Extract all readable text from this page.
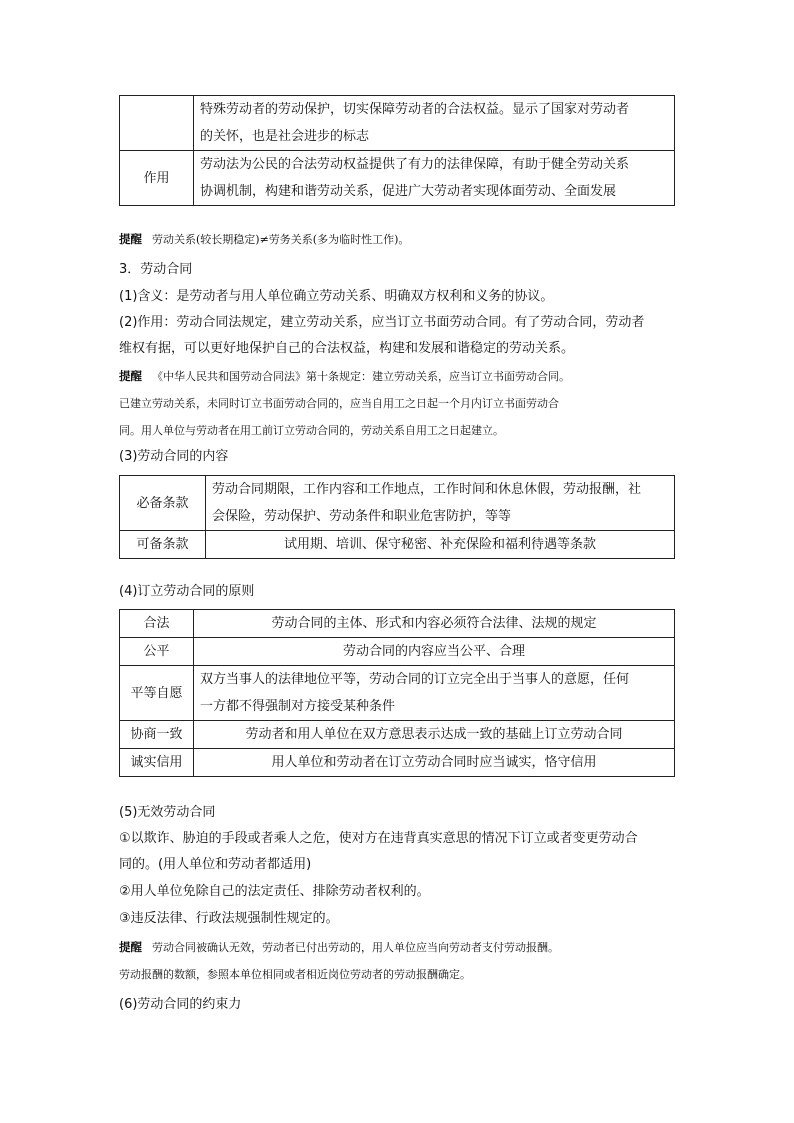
	特殊劳动者的劳动保护，切实保障劳动者的合法权益。显示了国家对劳动者
的关怀，也是社会进步的标志

作用	劳动法为公民的合法劳动权益提供了有力的法律保障，有助于健全劳动关系
协调机制，构建和谐劳动关系，促进广大劳动者实现体面劳动、全面发展
提醒 劳动关系(较长期稳定)≠劳务关系(多为临时性工作)。
3．劳动合同
(1)含义：是劳动者与用人单位确立劳动关系、明确双方权利和义务的协议。
(2)作用：劳动合同法规定，建立劳动关系，应当订立书面劳动合同。有了劳动合同，劳动者
维权有据，可以更好地保护自己的合法权益，构建和发展和谐稳定的劳动关系。
提醒 《中华人民共和国劳动合同法》第十条规定：建立劳动关系，应当订立书面劳动合同。
已建立劳动关系，未同时订立书面劳动合同的，应当自用工之日起一个月内订立书面劳动合
同。用人单位与劳动者在用工前订立劳动合同的，劳动关系自用工之日起建立。
(3)劳动合同的内容
必备条款	劳动合同期限，工作内容和工作地点，工作时间和休息休假，劳动报酬，社
会保险，劳动保护、劳动条件和职业危害防护，等等

可备条款	试用期、培训、保守秘密、补充保险和福利待遇等条款
(4)订立劳动合同的原则
合法	劳动合同的主体、形式和内容必须符合法律、法规的规定
公平	劳动合同的内容应当公平、合理
平等自愿	双方当事人的法律地位平等，劳动合同的订立完全出于当事人的意愿，任何
一方都不得强制对方接受某种条件

协商一致	劳动者和用人单位在双方意思表示达成一致的基础上订立劳动合同
诚实信用	用人单位和劳动者在订立劳动合同时应当诚实，恪守信用
(5)无效劳动合同
①以欺诈、胁迫的手段或者乘人之危，使对方在违背真实意思的情况下订立或者变更劳动合
同的。(用人单位和劳动者都适用)
②用人单位免除自己的法定责任、排除劳动者权利的。
③违反法律、行政法规强制性规定的。
提醒 劳动合同被确认无效，劳动者已付出劳动的，用人单位应当向劳动者支付劳动报酬。
劳动报酬的数额，参照本单位相同或者相近岗位劳动者的劳动报酬确定。
(6)劳动合同的约束力
